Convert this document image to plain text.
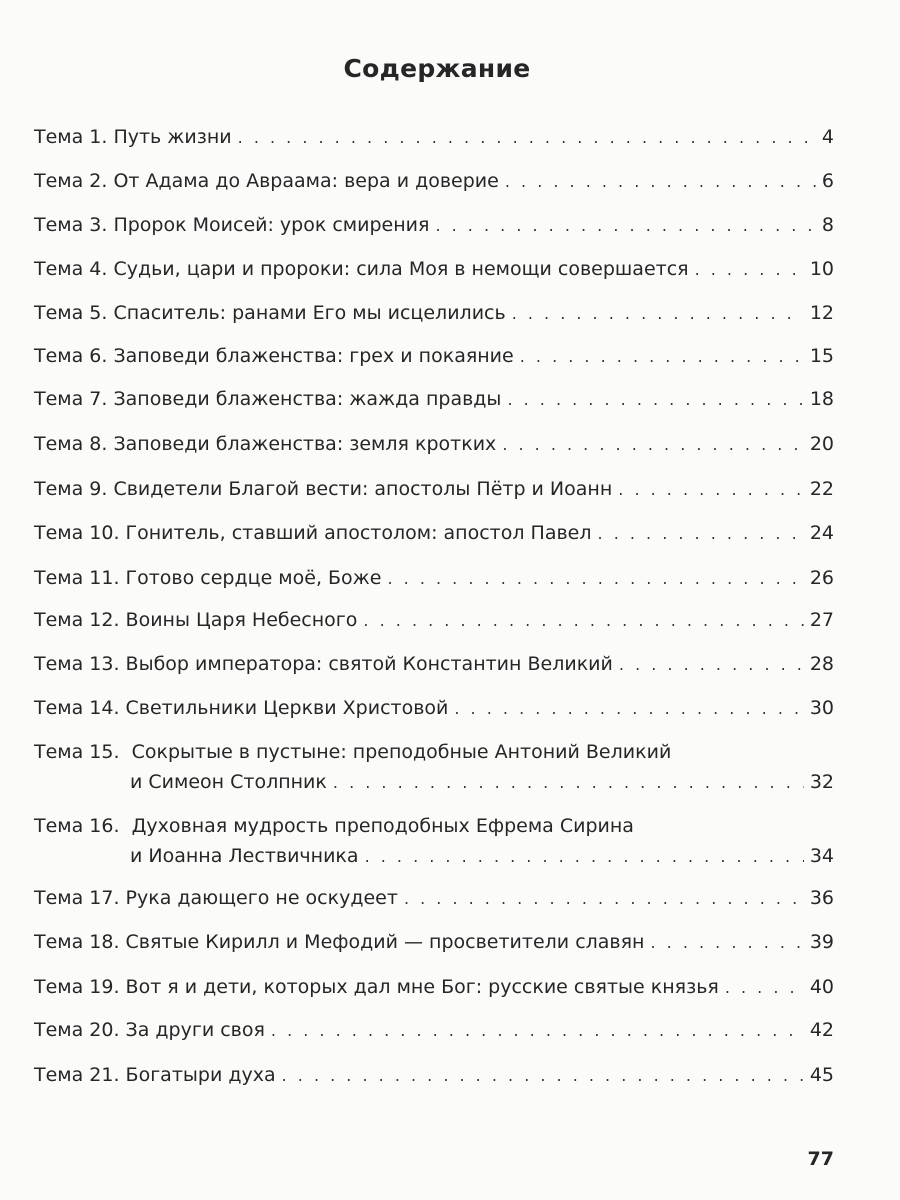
Содержание
Тема 1. Путь жизни . . .	4
Тема 2. От Адама до Авраама: вера и доверие . . .	6
Тема 3. Пророк Моисей: урок смирения . . .	8
Тема 4. Судьи, цари и пророки: сила Моя в немощи совершается . . .	10
Тема 5. Спаситель: ранами Его мы исцелились . . .	12
Тема 6. Заповеди блаженства: грех и покаяние . . .	15
Тема 7. Заповеди блаженства: жажда правды . . .	18
Тема 8. Заповеди блаженства: земля кротких . . .	20
Тема 9. Свидетели Благой вести: апостолы Пётр и Иоанн . . .	22
Тема 10. Гонитель, ставший апостолом: апостол Павел . . .	24
Тема 11. Готово сердце моё, Боже . . .	26
Тема 12. Воины Царя Небесного . . .	27
Тема 13. Выбор императора: святой Константин Великий . . .	28
Тема 14. Светильники Церкви Христовой . . .	30
Тема 15. Сокрытые в пустыне: преподобные Антоний Великий
и Симеон Столпник . . .	32
Тема 16. Духовная мудрость преподобных Ефрема Сирина
и Иоанна Лествичника . . .	34
Тема 17. Рука дающего не оскудеет . . .	36
Тема 18. Святые Кирилл и Мефодий — просветители славян . . .	39
Тема 19. Вот я и дети, которых дал мне Бог: русские святые князья . . .	40
Тема 20. За други своя . . .	42
Тема 21. Богатыри духа . . .	45
77
